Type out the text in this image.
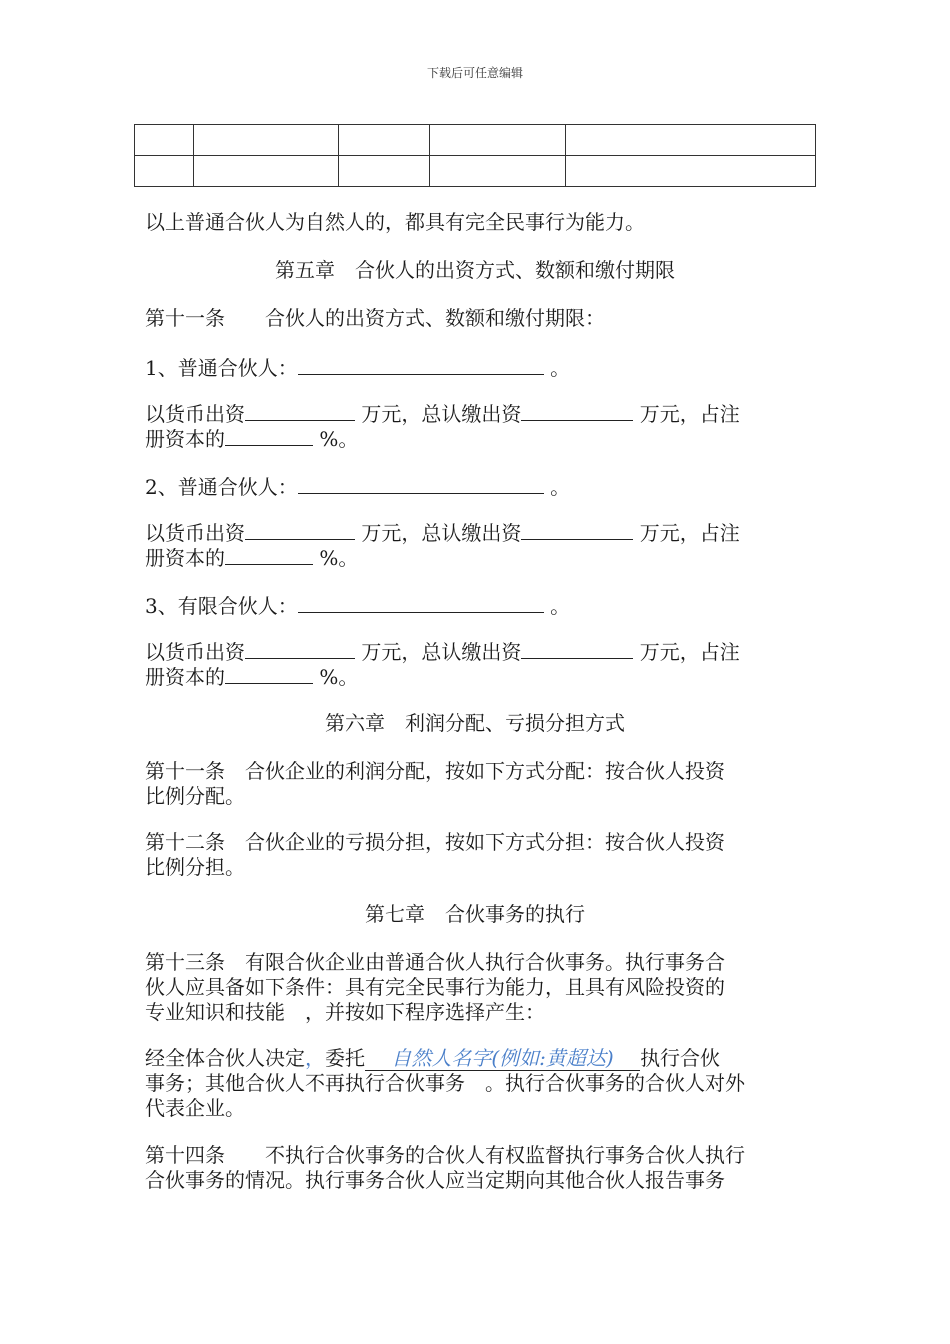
下载后可任意编辑

以上普通合伙人为自然人的，都具有完全民事行为能力。

第五章　合伙人的出资方式、数额和缴付期限

第十一条　　合伙人的出资方式、数额和缴付期限：

1、普通合伙人：	。

以货币出资	万元，总认缴出资	万元，占注

册资本的	%。

2、普通合伙人：	。

以货币出资	万元，总认缴出资	万元，占注

册资本的	%。

3、有限合伙人：	。

以货币出资	万元，总认缴出资	万元，占注

册资本的	%。

第六章　利润分配、亏损分担方式

第十一条　合伙企业的利润分配，按如下方式分配：按合伙人投资

比例分配。

第十二条　合伙企业的亏损分担，按如下方式分担：按合伙人投资

比例分担。

第七章　合伙事务的执行

第十三条　有限合伙企业由普通合伙人执行合伙事务。执行事务合

伙人应具备如下条件：具有完全民事行为能力，且具有风险投资的

专业知识和技能　，并按如下程序选择产生：

经全体合伙人决定，委托　 自然人名字(例如:黄超达)　 执行合伙

事务；其他合伙人不再执行合伙事务　。执行合伙事务的合伙人对外

代表企业。

第十四条　　不执行合伙事务的合伙人有权监督执行事务合伙人执行

合伙事务的情况。执行事务合伙人应当定期向其他合伙人报告事务
